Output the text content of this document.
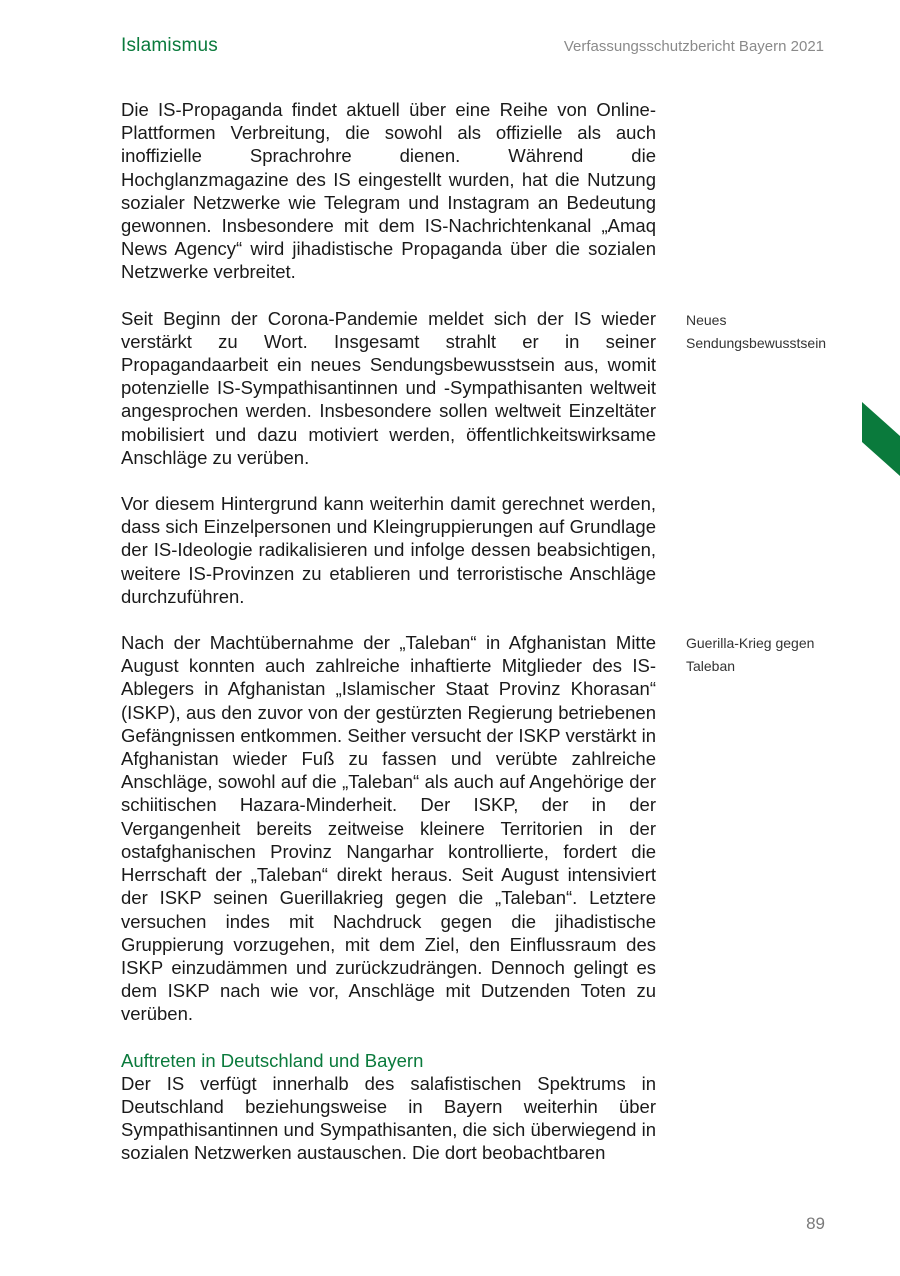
Islamismus	Verfassungsschutzbericht Bayern 2021

Die IS-Propaganda findet aktuell über eine Reihe von Online-Plattformen Verbreitung, die sowohl als offizielle als auch inoffizielle Sprachrohre dienen. Während die Hochglanzmagazine des IS eingestellt wurden, hat die Nutzung sozialer Netzwerke wie Telegram und Instagram an Bedeutung gewonnen. Insbesondere mit dem IS-Nachrichtenkanal „Amaq News Agency“ wird jihadistische Propaganda über die sozialen Netzwerke verbreitet.

Seit Beginn der Corona-Pandemie meldet sich der IS wieder verstärkt zu Wort. Insgesamt strahlt er in seiner Propagandaarbeit ein neues Sendungsbewusstsein aus, womit potenzielle IS-Sympathisantinnen und -Sympathisanten weltweit angesprochen werden. Insbesondere sollen weltweit Einzeltäter mobilisiert und dazu motiviert werden, öffentlichkeitswirksame Anschläge zu verüben.

Vor diesem Hintergrund kann weiterhin damit gerechnet werden, dass sich Einzelpersonen und Kleingruppierungen auf Grundlage der IS-Ideologie radikalisieren und infolge dessen beabsichtigen, weitere IS-Provinzen zu etablieren und terroristische Anschläge durchzuführen.

Nach der Machtübernahme der „Taleban“ in Afghanistan Mitte August konnten auch zahlreiche inhaftierte Mitglieder des IS-Ablegers in Afghanistan „Islamischer Staat Provinz Khorasan“ (ISKP), aus den zuvor von der gestürzten Regierung betriebenen Gefängnissen entkommen. Seither versucht der ISKP verstärkt in Afghanistan wieder Fuß zu fassen und verübte zahlreiche Anschläge, sowohl auf die „Taleban“ als auch auf Angehörige der schiitischen Hazara-Minderheit. Der ISKP, der in der Vergangenheit bereits zeitweise kleinere Territorien in der ostafghanischen Provinz Nangarhar kontrollierte, fordert die Herrschaft der „Taleban“ direkt heraus. Seit August intensiviert der ISKP seinen Guerillakrieg gegen die „Taleban“. Letztere versuchen indes mit Nachdruck gegen die jihadistische Gruppierung vorzugehen, mit dem Ziel, den Einflussraum des ISKP einzudämmen und zurückzudrängen. Dennoch gelingt es dem ISKP nach wie vor, Anschläge mit Dutzenden Toten zu verüben.

Auftreten in Deutschland und Bayern

Der IS verfügt innerhalb des salafistischen Spektrums in Deutschland beziehungsweise in Bayern weiterhin über Sympathisantinnen und Sympathisanten, die sich überwiegend in sozialen Netzwerken austauschen. Die dort beobachtbaren

Neues Sendungsbewusstsein
Guerilla-Krieg gegen Taleban
89
